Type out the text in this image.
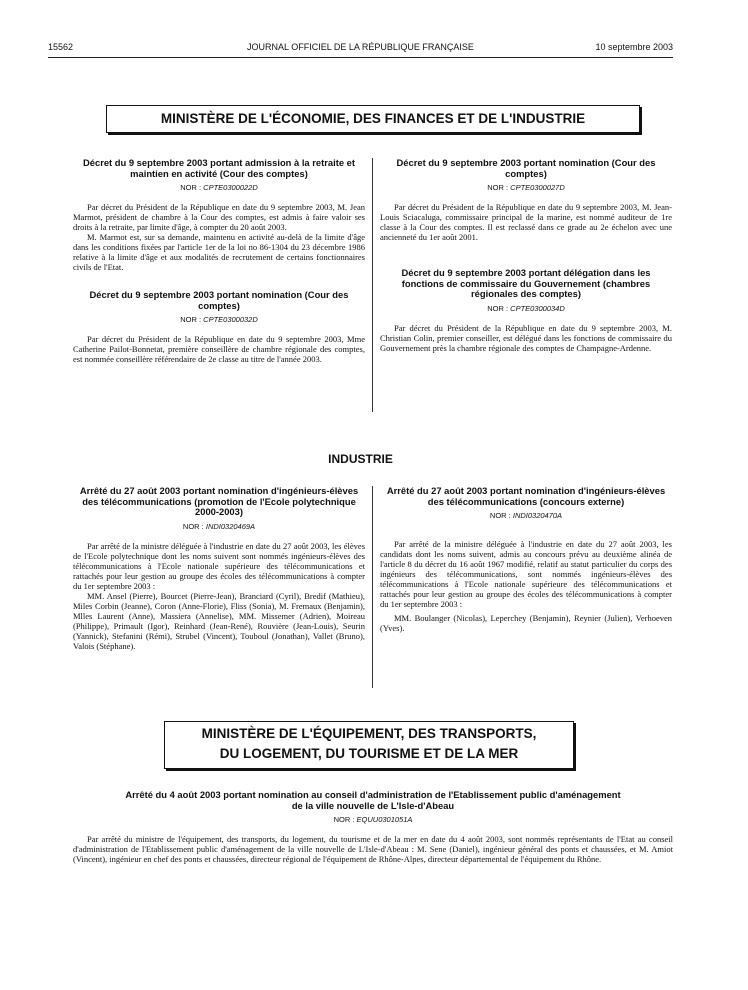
15562	JOURNAL OFFICIEL DE LA RÉPUBLIQUE FRANÇAISE	10 septembre 2003
MINISTÈRE DE L'ÉCONOMIE, DES FINANCES ET DE L'INDUSTRIE
Décret du 9 septembre 2003 portant admission à la retraite et maintien en activité (Cour des comptes)
NOR : CPTE0300022D

Par décret du Président de la République en date du 9 septembre 2003, M. Jean Marmot, président de chambre à la Cour des comptes, est admis à faire valoir ses droits à la retraite, par limite d'âge, à compter du 20 août 2003.

M. Marmot est, sur sa demande, maintenu en activité au-delà de la limite d'âge dans les conditions fixées par l'article 1er de la loi no 86-1304 du 23 décembre 1986 relative à la limite d'âge et aux modalités de recrutement de certains fonctionnaires civils de l'Etat.

Décret du 9 septembre 2003 portant nomination (Cour des comptes)
NOR : CPTE0300032D

Par décret du Président de la République en date du 9 septembre 2003, Mme Catherine Pailot-Bonnetat, première conseillère de chambre régionale des comptes, est nommée conseillère référendaire de 2e classe au titre de l'année 2003.

Décret du 9 septembre 2003 portant nomination (Cour des comptes)
NOR : CPTE0300027D

Par décret du Président de la République en date du 9 septembre 2003, M. Jean-Louis Sciacaluga, commissaire principal de la marine, est nommé auditeur de 1re classe à la Cour des comptes. Il est reclassé dans ce grade au 2e échelon avec une ancienneté du 1er août 2001.

Décret du 9 septembre 2003 portant délégation dans les fonctions de commissaire du Gouvernement (chambres régionales des comptes)
NOR : CPTE0300034D

Par décret du Président de la République en date du 9 septembre 2003, M. Christian Colin, premier conseiller, est délégué dans les fonctions de commissaire du Gouvernement près la chambre régionale des comptes de Champagne-Ardenne.

INDUSTRIE
Arrêté du 27 août 2003 portant nomination d'ingénieurs-élèves des télécommunications (promotion de l'Ecole polytechnique 2000-2003)
NOR : INDI0320469A

Par arrêté de la ministre déléguée à l'industrie en date du 27 août 2003, les élèves de l'Ecole polytechnique dont les noms suivent sont nommés ingénieurs-élèves des télécommunications à l'Ecole nationale supérieure des télécommunications et rattachés pour leur gestion au groupe des écoles des télécommunications à compter du 1er septembre 2003 :

MM. Ansel (Pierre), Bourcet (Pierre-Jean), Branciard (Cyril), Bredif (Mathieu), Miles Corbin (Jeanne), Coron (Anne-Florie), Fliss (Sonia), M. Fremaux (Benjamin), Mlles Laurent (Anne), Massiera (Annelise), MM. Missemer (Adrien), Moireau (Philippe), Primault (Igor), Reinhard (Jean-René), Rouvière (Jean-Louis), Seurin (Yannick), Stefanini (Rémi), Strubel (Vincent), Touboul (Jonathan), Vallet (Bruno), Valois (Stéphane).

Arrêté du 27 août 2003 portant nomination d'ingénieurs-élèves des télécommunications (concours externe)
NOR : INDI0320470A

Par arrêté de la ministre déléguée à l'industrie en date du 27 août 2003, les candidats dont les noms suivent, admis au concours prévu au deuxième alinéa de l'article 8 du décret du 16 août 1967 modifié, relatif au statut particulier du corps des ingénieurs des télécommunications, sont nommés ingénieurs-élèves des télécommunications à l'Ecole nationale supérieure des télécommunications et rattachés pour leur gestion au groupe des écoles des télécommunications à compter du 1er septembre 2003 :

MM. Boulanger (Nicolas), Leperchey (Benjamin), Reynier (Julien), Verhoeven (Yves).

MINISTÈRE DE L'ÉQUIPEMENT, DES TRANSPORTS,
DU LOGEMENT, DU TOURISME ET DE LA MER
Arrêté du 4 août 2003 portant nomination au conseil d'administration de l'Etablissement public d'aménagement de la ville nouvelle de L'Isle-d'Abeau
NOR : EQUU0301051A

Par arrêté du ministre de l'équipement, des transports, du logement, du tourisme et de la mer en date du 4 août 2003, sont nommés représentants de l'Etat au conseil d'administration de l'Etablissement public d'aménagement de la ville nouvelle de L'Isle-d'Abeau : M. Sene (Daniel), ingénieur général des ponts et chaussées, et M. Amiot (Vincent), ingénieur en chef des ponts et chaussées, directeur régional de l'équipement de Rhône-Alpes, directeur départemental de l'équipement du Rhône.
